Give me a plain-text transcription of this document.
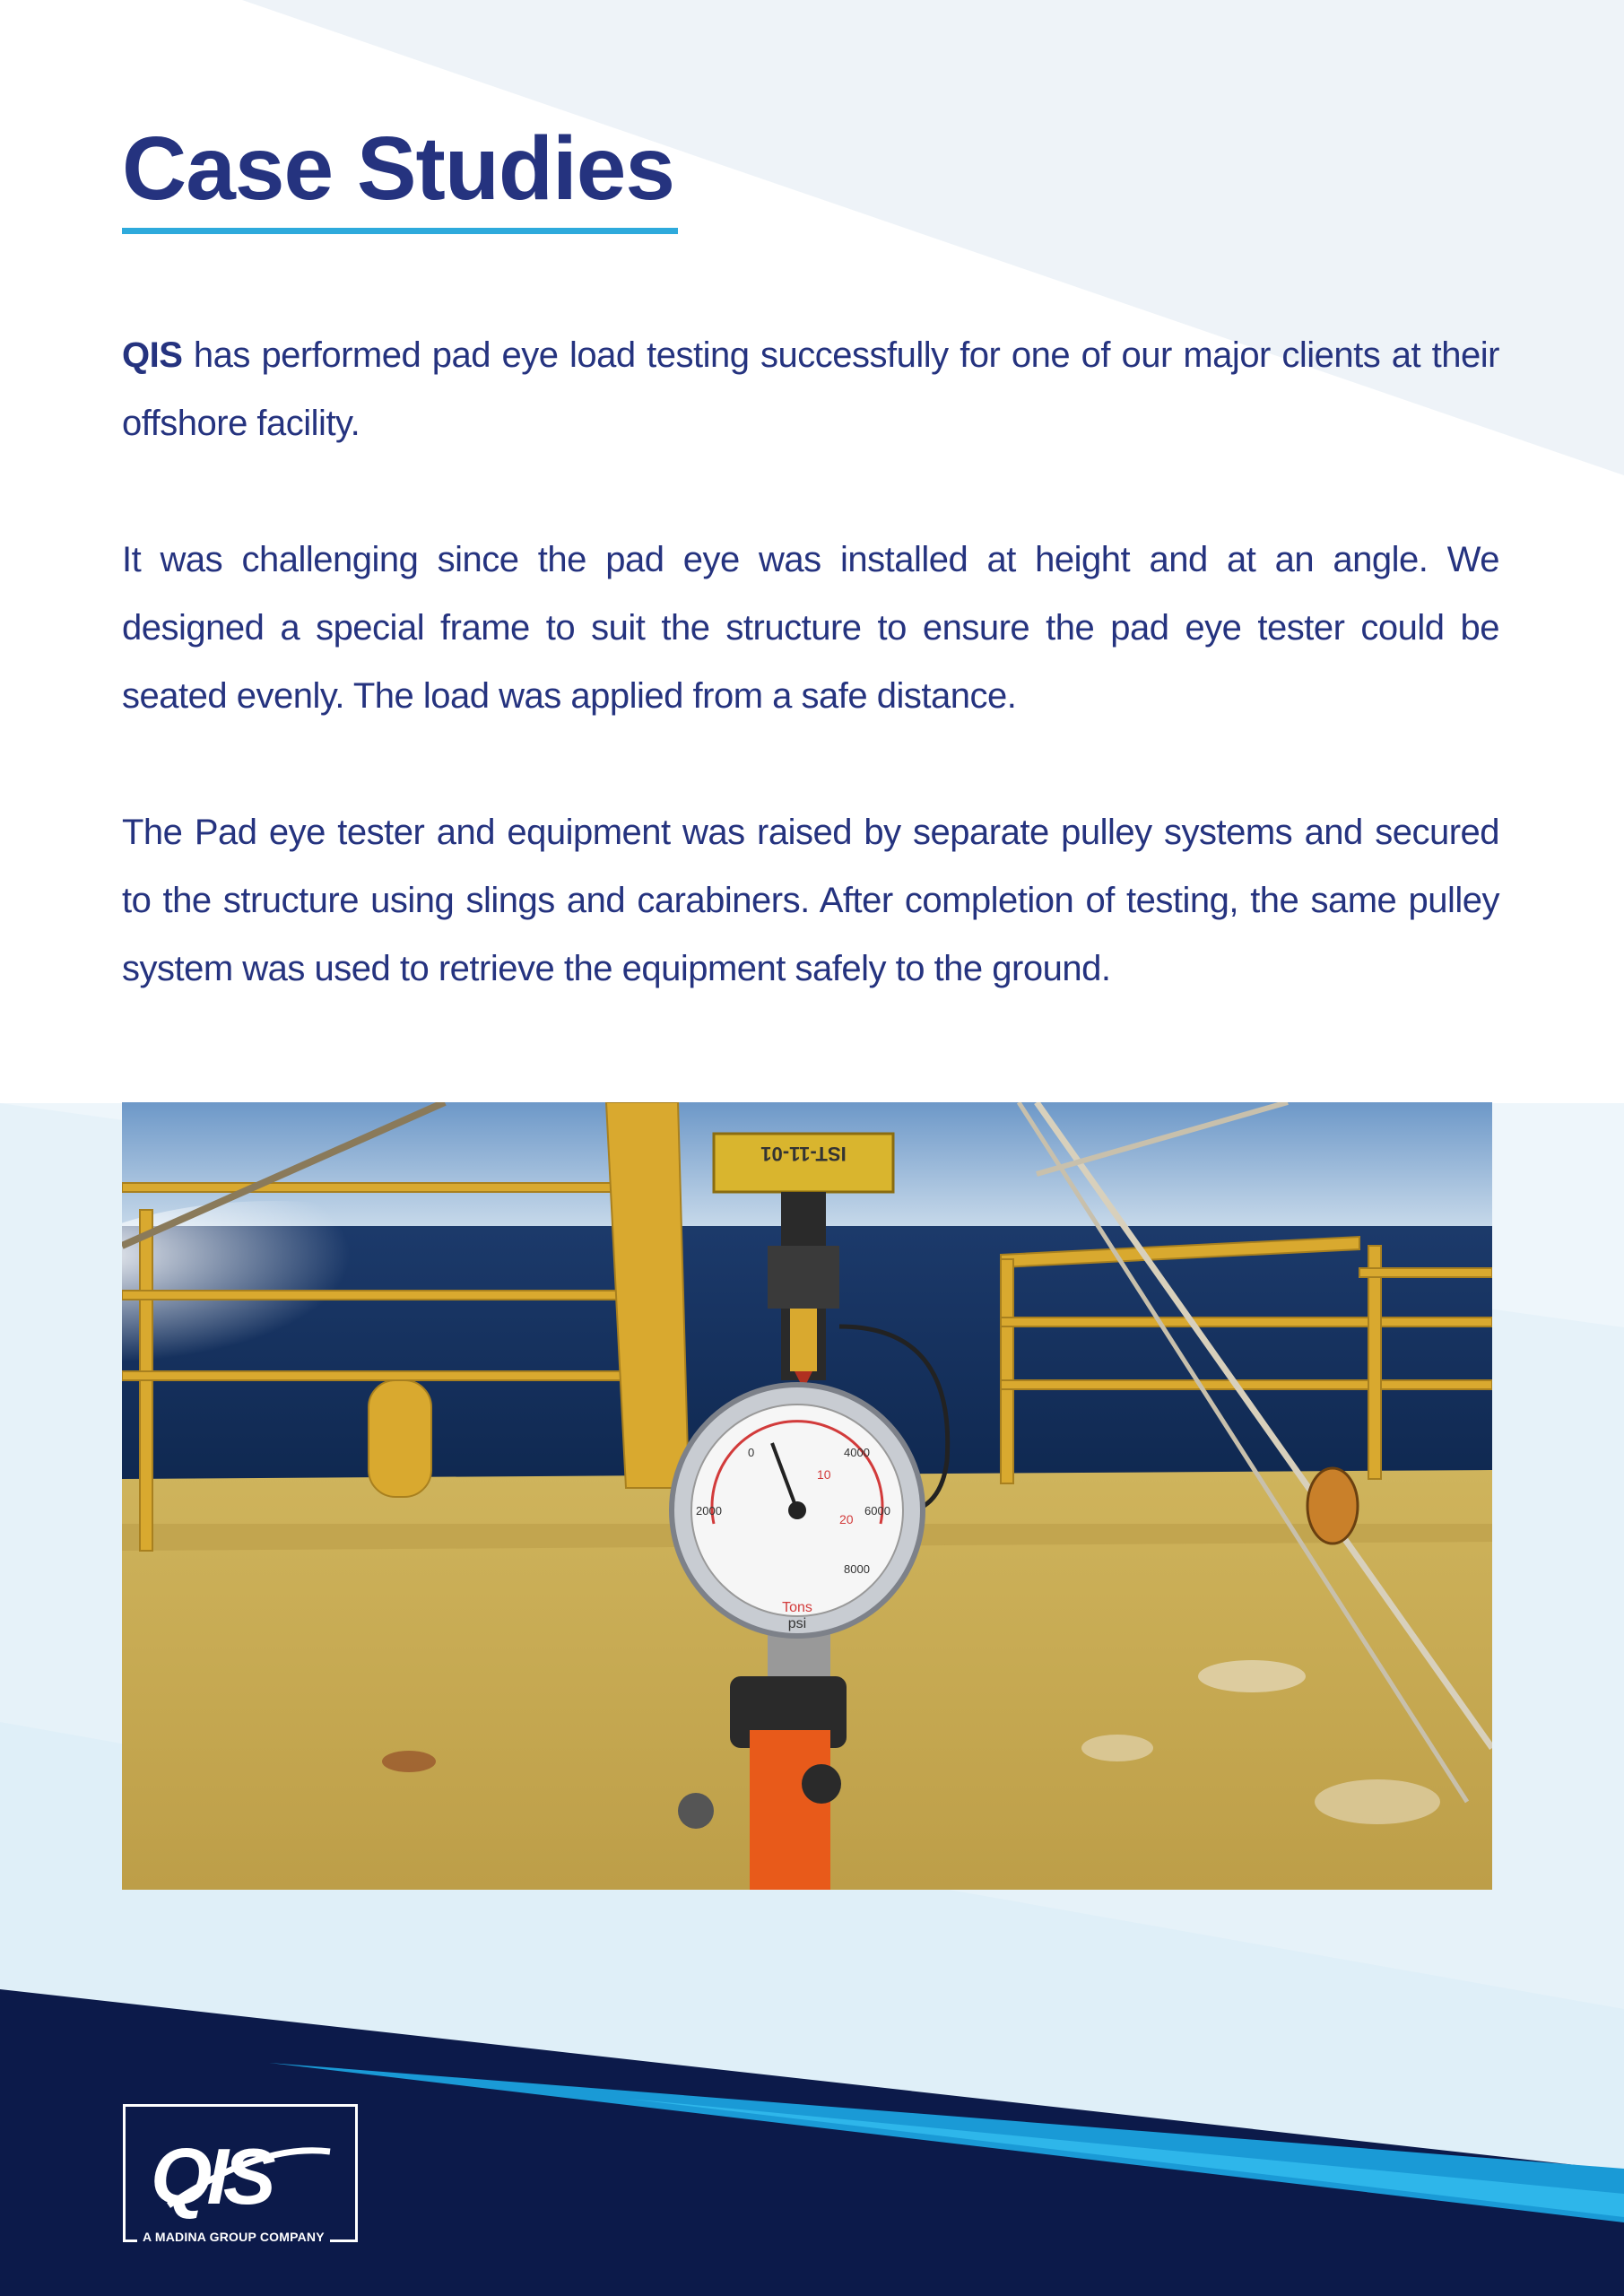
Case Studies

QIS has performed pad eye load testing successfully for one of our major clients at their offshore facility.

It was challenging since the pad eye was installed at height and at an angle. We designed a special frame to suit the structure to ensure the pad eye tester could be seated evenly. The load was applied from a safe distance.

The Pad eye tester and equipment was raised by separate pulley systems and secured to the structure using slings and carabiners. After completion of testing, the same pulley system was used to retrieve the equipment safely to the ground.

IST-11-01
0
2000
4000
6000
8000
10
20
Tons
psi
QIS
A MADINA GROUP COMPANY
